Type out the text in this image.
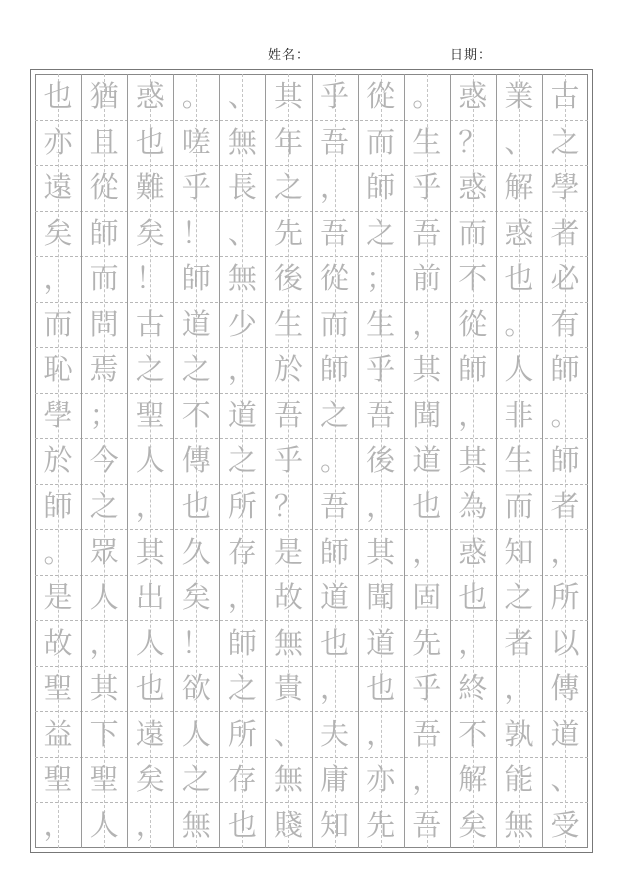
姓名：	日期：
古
之
學
者
必
有
師
。
師
者
，
所
以
傳
道
、
受
業
、
解
惑
也
。
人
非
生
而
知
之
者
，
孰
能
無
惑
？
惑
而
不
從
師
，
其
為
惑
也
，
終
不
解
矣
。
生
乎
吾
前
，
其
聞
道
也
，
固
先
乎
吾
，
吾
從
而
師
之
；
生
乎
吾
後
，
其
聞
道
也
，
亦
先
乎
吾
，
吾
從
而
師
之
。
吾
師
道
也
，
夫
庸
知
其
年
之
先
後
生
於
吾
乎
？
是
故
無
貴
、
無
賤
、
無
長
、
無
少
，
道
之
所
存
，
師
之
所
存
也
。
嗟
乎
！
師
道
之
不
傳
也
久
矣
！
欲
人
之
無
惑
也
難
矣
！
古
之
聖
人
，
其
出
人
也
遠
矣
，
猶
且
從
師
而
問
焉
；
今
之
眾
人
，
其
下
聖
人
也
亦
遠
矣
，
而
恥
學
於
師
。
是
故
聖
益
聖
，
